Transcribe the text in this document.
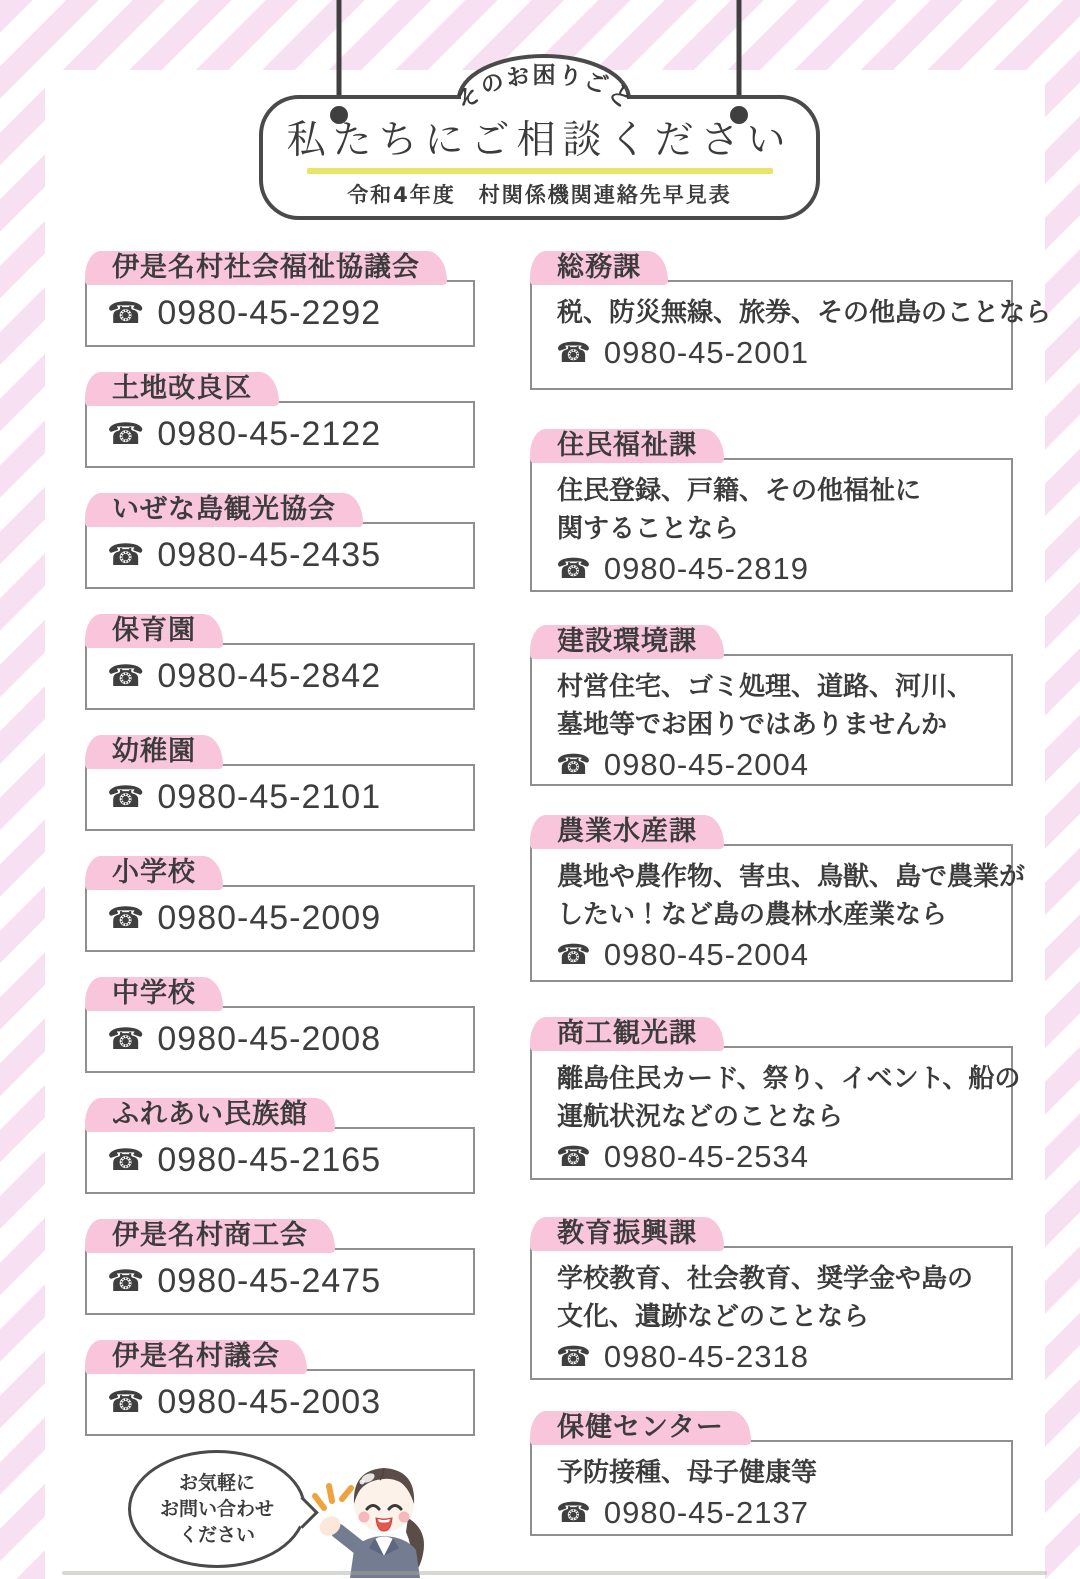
そのお困りごと
私たちにご相談ください
令和4年度　村関係機関連絡先早見表
伊是名村社会福祉協議会
☎ 0980-45-2292
土地改良区
☎ 0980-45-2122
いぜな島観光協会
☎ 0980-45-2435
保育園
☎ 0980-45-2842
幼稚園
☎ 0980-45-2101
小学校
☎ 0980-45-2009
中学校
☎ 0980-45-2008
ふれあい民族館
☎ 0980-45-2165
伊是名村商工会
☎ 0980-45-2475
伊是名村議会
☎ 0980-45-2003
総務課
税、防災無線、旅券、その他島のことなら
☎ 0980-45-2001
住民福祉課
住民登録、戸籍、その他福祉に
関することなら
☎ 0980-45-2819
建設環境課
村営住宅、ゴミ処理、道路、河川、
墓地等でお困りではありませんか
☎ 0980-45-2004
農業水産課
農地や農作物、害虫、鳥獣、島で農業が
したい！など島の農林水産業なら
☎ 0980-45-2004
商工観光課
離島住民カード、祭り、イベント、船の
運航状況などのことなら
☎ 0980-45-2534
教育振興課
学校教育、社会教育、奨学金や島の
文化、遺跡などのことなら
☎ 0980-45-2318
保健センター
予防接種、母子健康等
☎ 0980-45-2137
お気軽に
お問い合わせ
ください
